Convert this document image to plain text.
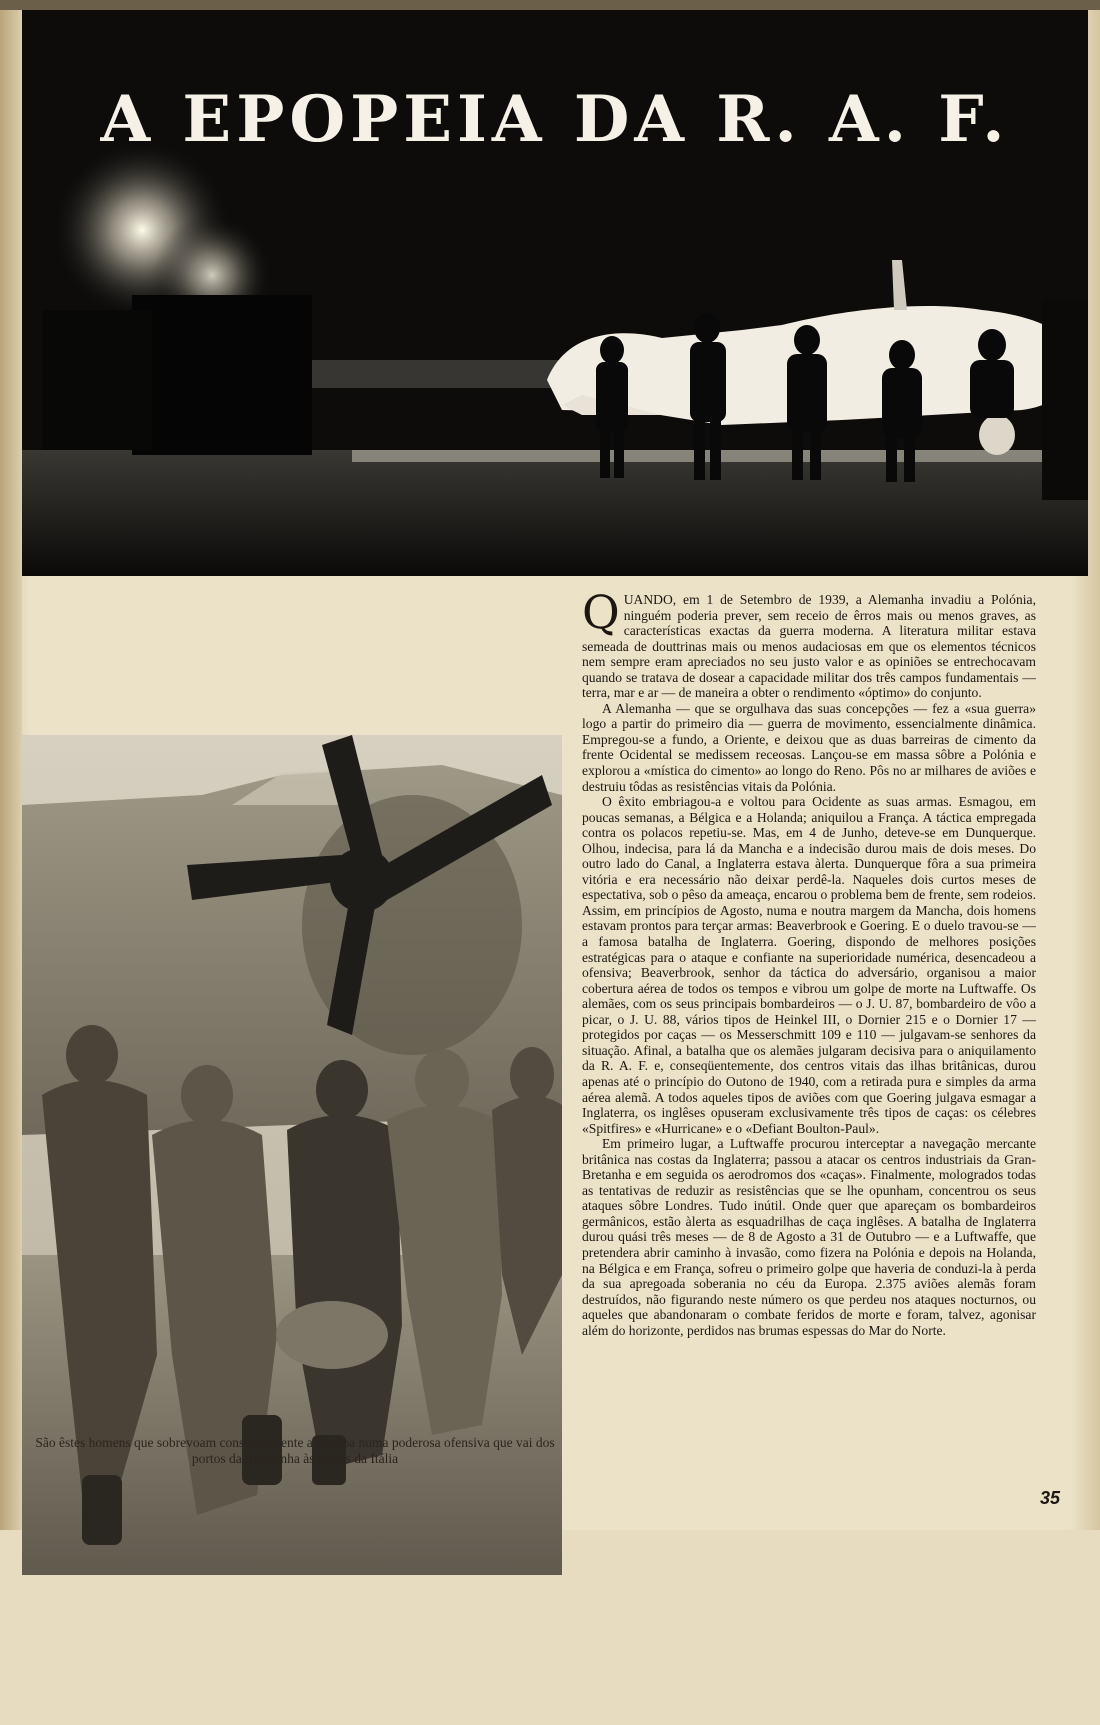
A EPOPEIA DA R. A. F.
São êstes homens que sobrevoam constantemente a Europa numa poderosa ofensiva que vai dos portos da Alemanha às costas da Itália

QUANDO, em 1 de Setembro de 1939, a Alemanha invadiu a Polónia, ninguém poderia prever, sem receio de êrros mais ou menos graves, as características exactas da guerra moderna. A literatura militar estava semeada de douttrinas mais ou menos audaciosas em que os elementos técnicos nem sempre eram apreciados no seu justo valor e as opiniões se entrechocavam quando se tratava de dosear a capacidade militar dos três campos fundamentais — terra, mar e ar — de maneira a obter o rendimento «óptimo» do conjunto.

A Alemanha — que se orgulhava das suas concepções — fez a «sua guerra» logo a partir do primeiro dia — guerra de movimento, essencialmente dinâmica. Empregou-se a fundo, a Oriente, e deixou que as duas barreiras de cimento da frente Ocidental se medissem receosas. Lançou-se em massa sôbre a Polónia e explorou a «mística do cimento» ao longo do Reno. Pôs no ar milhares de aviões e destruiu tôdas as resistências vitais da Polónia.

O êxito embriagou-a e voltou para Ocidente as suas armas. Esmagou, em poucas semanas, a Bélgica e a Holanda; aniquilou a França. A táctica empregada contra os polacos repetiu-se. Mas, em 4 de Junho, deteve-se em Dunquerque. Olhou, indecisa, para lá da Mancha e a indecisão durou mais de dois meses. Do outro lado do Canal, a Inglaterra estava àlerta. Dunquerque fôra a sua primeira vitória e era necessário não deixar perdê-la. Naqueles dois curtos meses de espectativa, sob o pêso da ameaça, encarou o problema bem de frente, sem rodeios. Assim, em princípios de Agosto, numa e noutra margem da Mancha, dois homens estavam prontos para terçar armas: Beaverbrook e Goering. E o duelo travou-se — a famosa batalha de Inglaterra. Goering, dispondo de melhores posições estratégicas para o ataque e confiante na superioridade numérica, desencadeou a ofensiva; Beaverbrook, senhor da táctica do adversário, organisou a maior cobertura aérea de todos os tempos e vibrou um golpe de morte na Luftwaffe. Os alemães, com os seus principais bombardeiros — o J. U. 87, bombardeiro de vôo a picar, o J. U. 88, vários tipos de Heinkel III, o Dornier 215 e o Dornier 17 — protegidos por caças — os Messerschmitt 109 e 110 — julgavam-se senhores da situação. Afinal, a batalha que os alemães julgaram decisiva para o aniquilamento da R. A. F. e, conseqüentemente, dos centros vitais das ilhas britânicas, durou apenas até o princípio do Outono de 1940, com a retirada pura e simples da arma aérea alemã. A todos aqueles tipos de aviões com que Goering julgava esmagar a Inglaterra, os inglêses opuseram exclusivamente três tipos de caças: os célebres «Spitfires» e «Hurricane» e o «Defiant Boulton-Paul».

Em primeiro lugar, a Luftwaffe procurou interceptar a navegação mercante britânica nas costas da Inglaterra; passou a atacar os centros industriais da Gran-Bretanha e em seguida os aerodromos dos «caças». Finalmente, mologrados todas as tentativas de reduzir as resistências que se lhe opunham, concentrou os seus ataques sôbre Londres. Tudo inútil. Onde quer que apareçam os bombardeiros germânicos, estão àlerta as esquadrilhas de caça inglêses. A batalha de Inglaterra durou quási três meses — de 8 de Agosto a 31 de Outubro — e a Luftwaffe, que pretendera abrir caminho à invasão, como fizera na Polónia e depois na Holanda, na Bélgica e em França, sofreu o primeiro golpe que haveria de conduzi-la à perda da sua apregoada soberania no céu da Europa. 2.375 aviões alemãs foram destruídos, não figurando neste número os que perdeu nos ataques nocturnos, ou aqueles que abandonaram o combate feridos de morte e foram, talvez, agonisar além do horizonte, perdidos nas brumas espessas do Mar do Norte.

35
